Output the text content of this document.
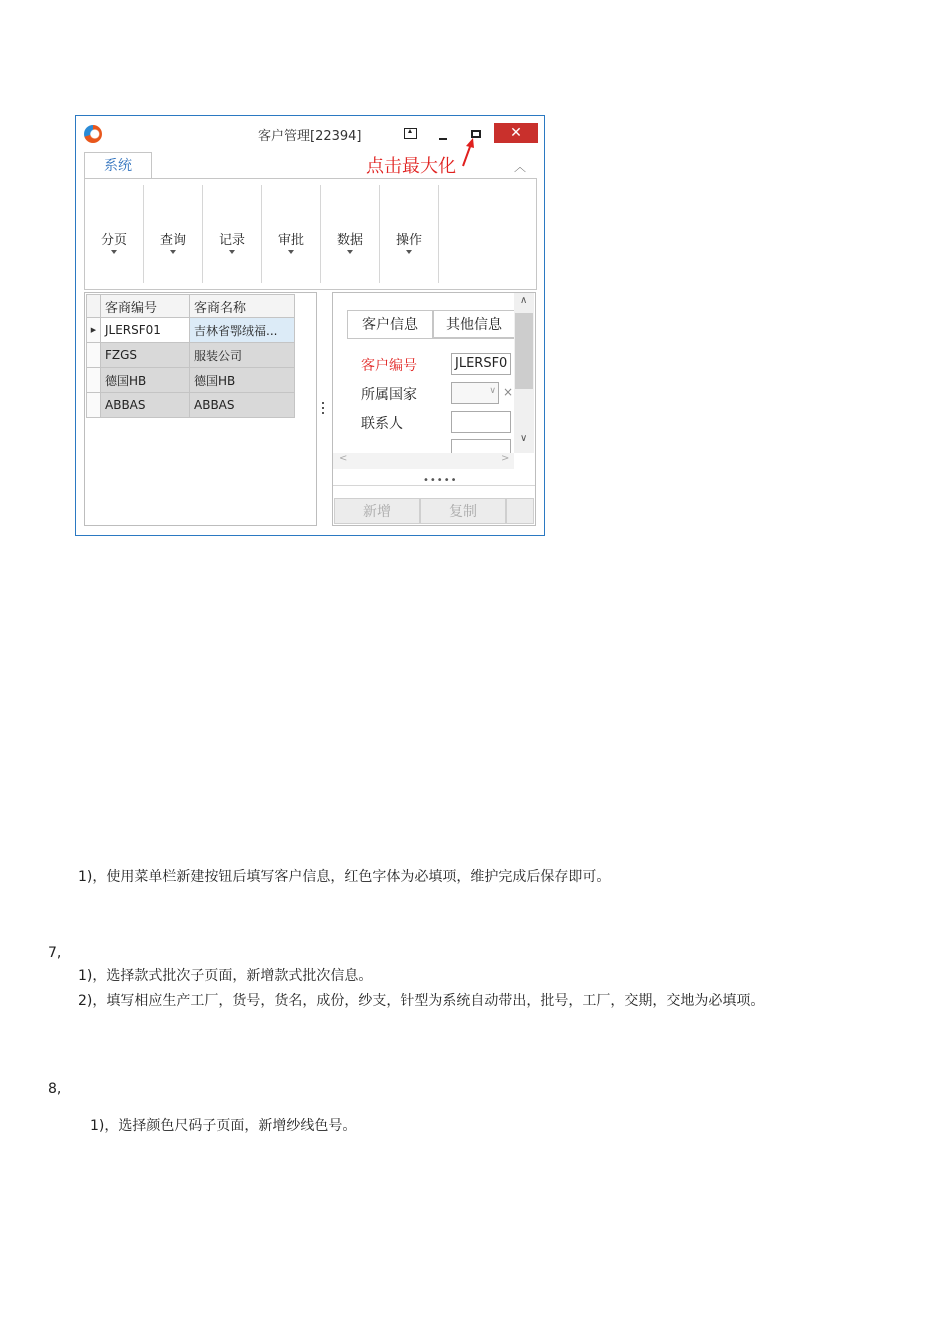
客户管理[22394]	✕
点击最大化
系统	︿
分页	查询	记录	审批	数据	操作
	客商编号	客商名称
▶	JLERSF01	吉林省鄂绒福...
	FZGS	服装公司
	德国HB	德国HB
	ABBAS	ABBAS
客户信息	其他信息
客户编号	JLERSF0
所属国家	∨ ×
联系人
∧
∨
<	>
•••••
新增	复制
1)，使用菜单栏新建按钮后填写客户信息，红色字体为必填项，维护完成后保存即可。
7,
1)，选择款式批次子页面，新增款式批次信息。
2)，填写相应生产工厂，货号，货名，成份，纱支，针型为系统自动带出，批号，工厂，交期，交地为必填项。
8,
1)，选择颜色尺码子页面，新增纱线色号。
